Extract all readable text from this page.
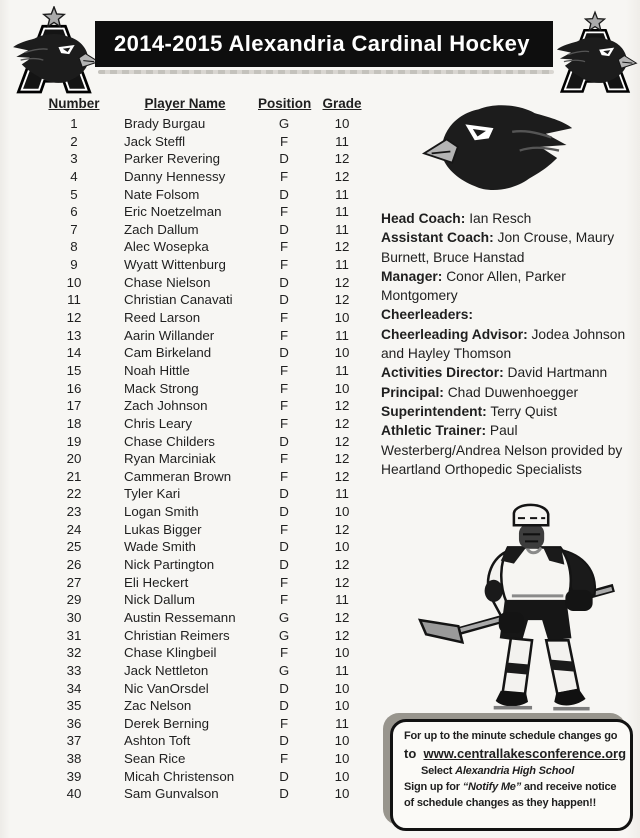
2014-2015 Alexandria Cardinal Hockey
Number	Player Name	Position Grade
1	Brady Burgau	G	10
2	Jack Steffl	F	11
3	Parker Revering	D	12
4	Danny Hennessy	F	12
5	Nate Folsom	D	11
6	Eric Noetzelman	F	11
7	Zach Dallum	D	11
8	Alec Wosepka	F	12
9	Wyatt Wittenburg	F	11
10	Chase Nielson	D	12
11	Christian Canavati	D	12
12	Reed Larson	F	10
13	Aarin Willander	F	11
14	Cam Birkeland	D	10
15	Noah Hittle	F	11
16	Mack Strong	F	10
17	Zach Johnson	F	12
18	Chris Leary	F	12
19	Chase Childers	D	12
20	Ryan Marciniak	F	12
21	Cammeran Brown	F	12
22	Tyler Kari	D	11
23	Logan Smith	D	10
24	Lukas Bigger	F	12
25	Wade Smith	D	10
26	Nick Partington	D	12
27	Eli Heckert	F	12
29	Nick Dallum	F	11
30	Austin Ressemann	G	12
31	Christian Reimers	G	12
32	Chase Klingbeil	F	10
33	Jack Nettleton	G	11
34	Nic VanOrsdel	D	10
35	Zac Nelson	D	10
36	Derek Berning	F	11
37	Ashton Toft	D	10
38	Sean Rice	F	10
39	Micah Christenson	D	10
40	Sam Gunvalson	D	10
Head Coach: Ian Resch
Assistant Coach: Jon Crouse, Maury Burnett, Bruce Hanstad
Manager: Conor Allen, Parker Montgomery
Cheerleaders:
Cheerleading Advisor: Jodea Johnson and Hayley Thomson
Activities Director: David Hartmann
Principal: Chad Duwenhoegger
Superintendent: Terry Quist
Athletic Trainer: Paul Westerberg/Andrea Nelson provided by Heartland Orthopedic Specialists
For up to the minute schedule changes go
to www.centrallakesconference.org
Select Alexandria High School
Sign up for “Notify Me” and receive notice
of schedule changes as they happen!!
